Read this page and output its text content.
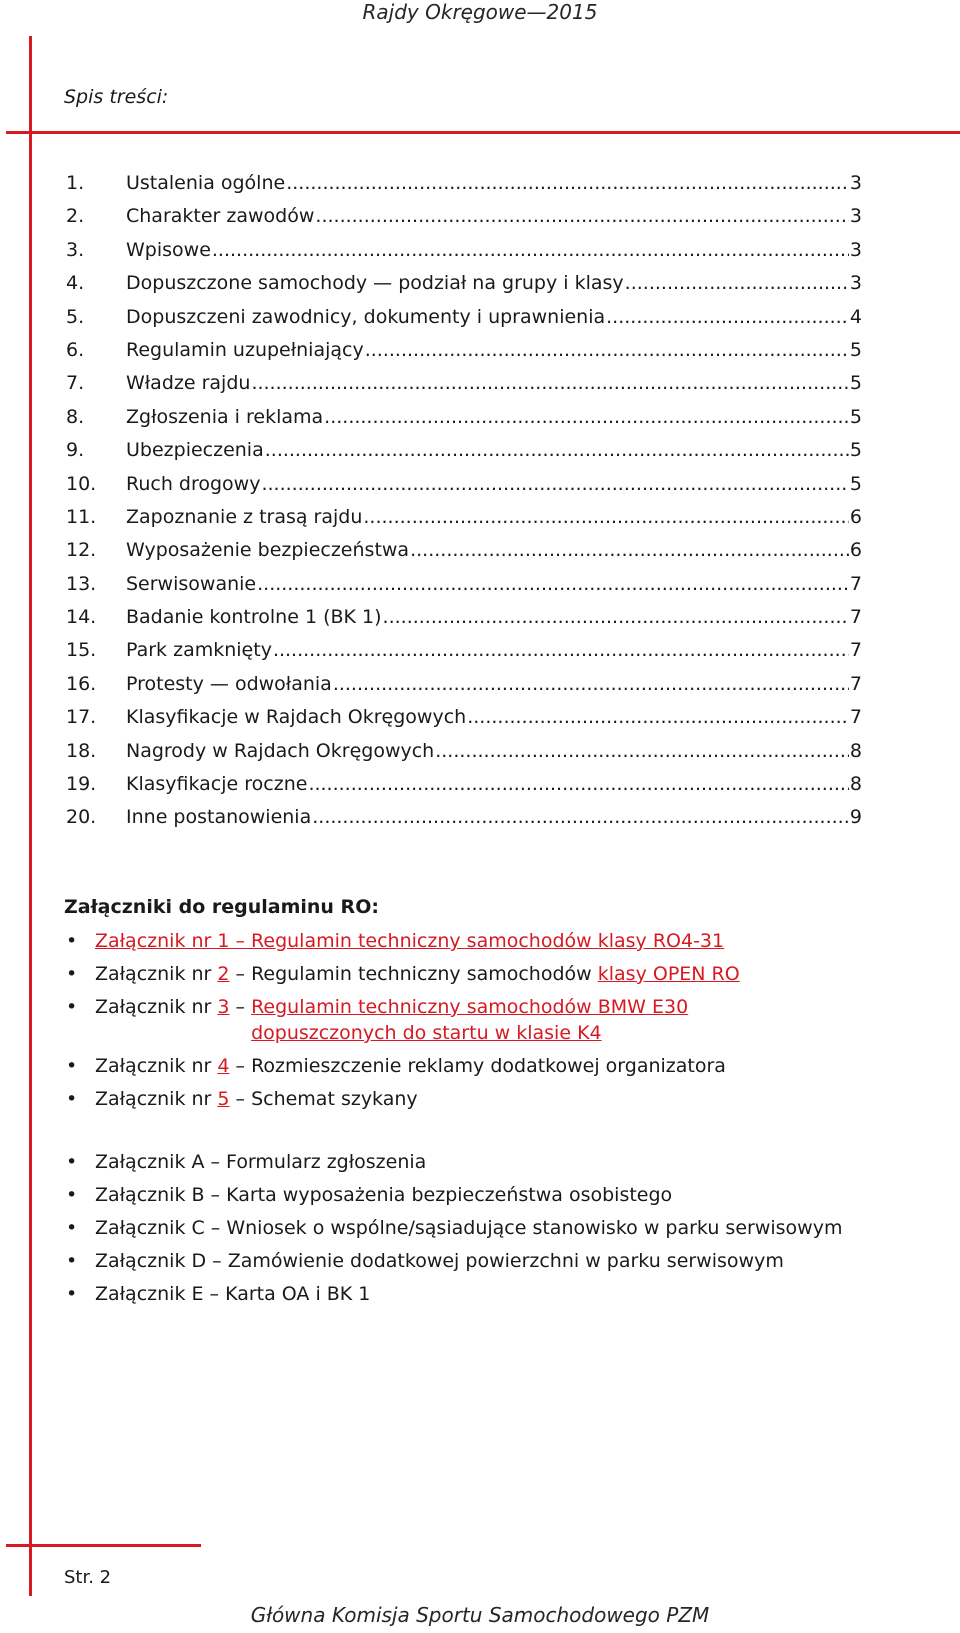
Rajdy Okręgowe—2015
Spis treści:
1.	Ustalenia ogólne .....	3
2.	Charakter zawodów .....	3
3.	Wpisowe .....	3
4.	Dopuszczone samochody — podział na grupy i klasy .....	3
5.	Dopuszczeni zawodnicy, dokumenty i uprawnienia .....	4
6.	Regulamin uzupełniający .....	5
7.	Władze rajdu .....	5
8.	Zgłoszenia i reklama .....	5
9.	Ubezpieczenia .....	5
10.	Ruch drogowy .....	5
11.	Zapoznanie z trasą rajdu .....	6
12.	Wyposażenie bezpieczeństwa .....	6
13.	Serwisowanie .....	7
14.	Badanie kontrolne 1 (BK 1) .....	7
15.	Park zamknięty .....	7
16.	Protesty — odwołania .....	7
17.	Klasyfikacje w Rajdach Okręgowych .....	7
18.	Nagrody w Rajdach Okręgowych .....	8
19.	Klasyfikacje roczne .....	8
20.	Inne postanowienia .....	9
Załączniki do regulaminu RO:
• Załącznik nr 1 – Regulamin techniczny samochodów klasy RO4-31
• Załącznik nr 2 – Regulamin techniczny samochodów klasy OPEN RO
• Załącznik nr 3 – Regulamin techniczny samochodów BMW E30
dopuszczonych do startu w klasie K4
• Załącznik nr 4 – Rozmieszczenie reklamy dodatkowej organizatora
• Załącznik nr 5 – Schemat szykany
• Załącznik A – Formularz zgłoszenia
• Załącznik B – Karta wyposażenia bezpieczeństwa osobistego
• Załącznik C – Wniosek o wspólne/sąsiadujące stanowisko w parku serwisowym
• Załącznik D – Zamówienie dodatkowej powierzchni w parku serwisowym
• Załącznik E – Karta OA i BK 1
Str. 2
Główna Komisja Sportu Samochodowego PZM
